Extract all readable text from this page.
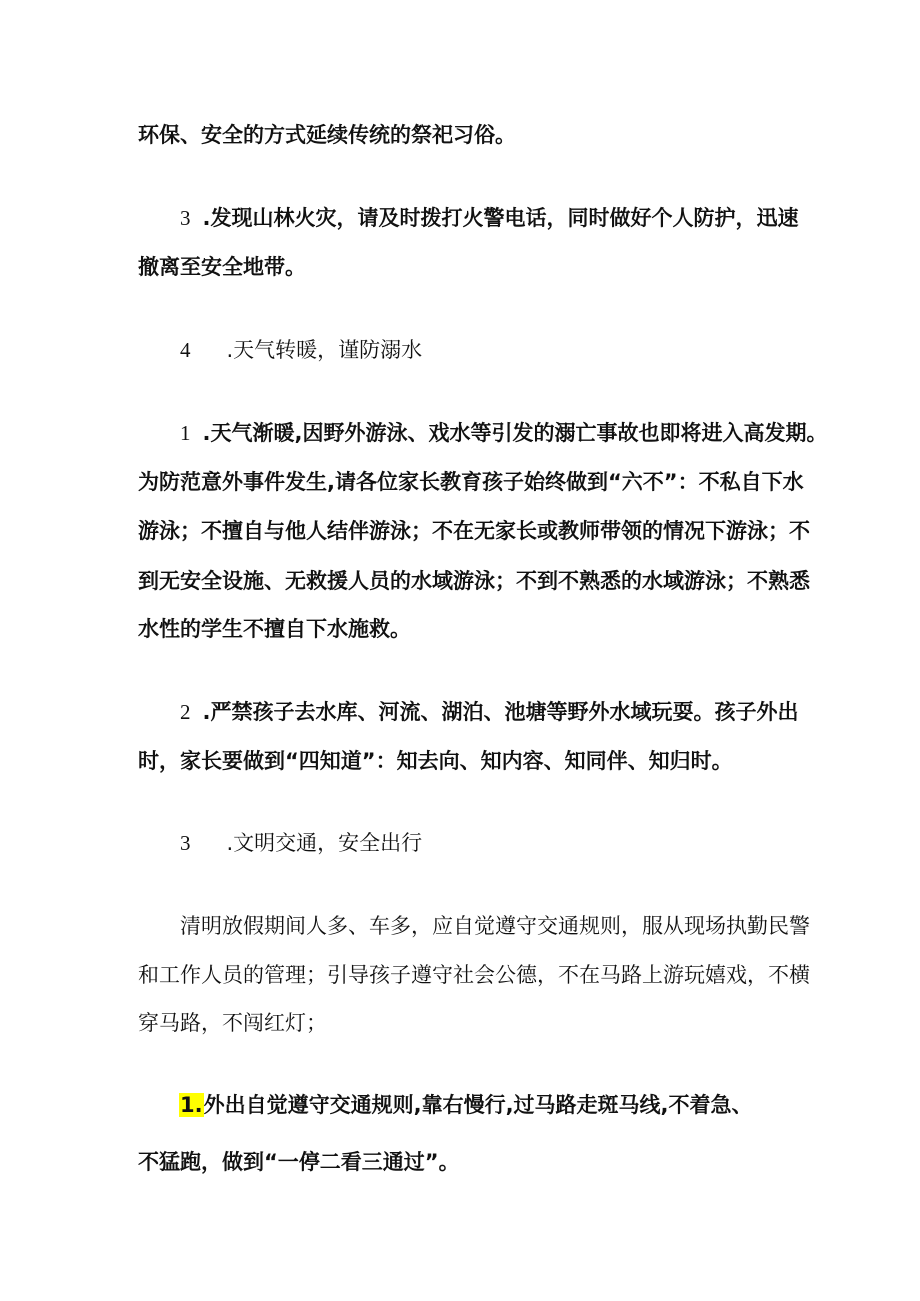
环保、安全的方式延续传统的祭祀习俗。
3 .发现山林火灾，请及时拨打火警电话，同时做好个人防护，迅速
撤离至安全地带。
4 .天气转暖，谨防溺水
1 .天气渐暖,因野外游泳、戏水等引发的溺亡事故也即将进入高发期。
为防范意外事件发生,请各位家长教育孩子始终做到“六不”：不私自下水
游泳；不擅自与他人结伴游泳；不在无家长或教师带领的情况下游泳；不
到无安全设施、无救援人员的水域游泳；不到不熟悉的水域游泳；不熟悉
水性的学生不擅自下水施救。
2 .严禁孩子去水库、河流、湖泊、池塘等野外水域玩耍。孩子外出
时，家长要做到“四知道”：知去向、知内容、知同伴、知归时。
3 .文明交通，安全出行
清明放假期间人多、车多，应自觉遵守交通规则，服从现场执勤民警
和工作人员的管理；引导孩子遵守社会公德，不在马路上游玩嬉戏，不横
穿马路，不闯红灯；
1.外出自觉遵守交通规则,靠右慢行,过马路走斑马线,不着急、
不猛跑，做到“一停二看三通过”。
